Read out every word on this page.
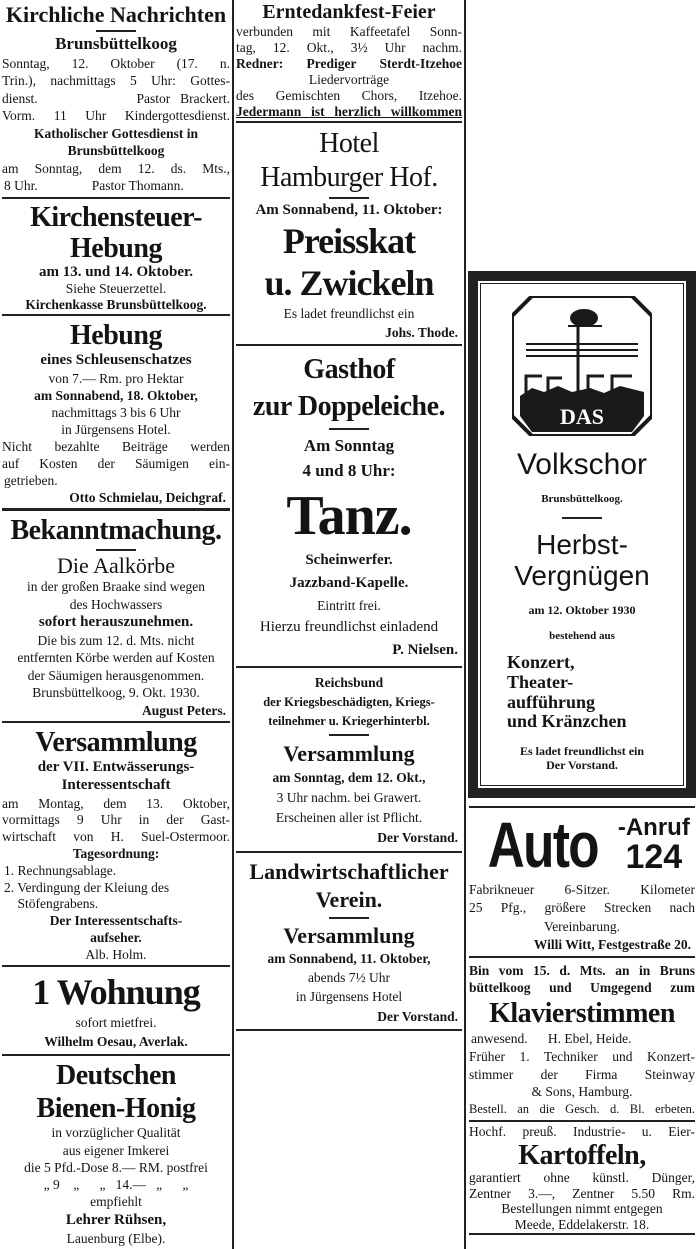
Kirchliche Nachrichten
Brunsbüttelkoog
Sonntag, 12. Oktober (17. n.
Trin.), nachmittags 5 Uhr: Gottes-
dienst.          Pastor Brackert.
Vorm. 11 Uhr Kindergottesdienst.
Katholischer Gottesdienst in
Brunsbüttelkoog
am Sonntag, dem 12. ds. Mts.,
8 Uhr.                Pastor Thomann.
Kirchensteuer-
Hebung
am 13. und 14. Oktober.
Siehe Steuerzettel.
Kirchenkasse Brunsbüttelkoog.
Hebung
eines Schleusenschatzes
von 7.— Rm. pro Hektar
am Sonnabend, 18. Oktober,
nachmittags 3 bis 6 Uhr
in Jürgensens Hotel.
Nicht bezahlte Beiträge werden
auf Kosten der Säumigen ein-
getrieben.
Otto Schmielau, Deichgraf.
Bekanntmachung.
Die Aalkörbe
in der großen Braake sind wegen
des Hochwassers
sofort herauszunehmen.
Die bis zum 12. d. Mts. nicht
entfernten Körbe werden auf Kosten
der Säumigen herausgenommen.
Brunsbüttelkoog, 9. Okt. 1930.
August Peters.
Versammlung
der VII. Entwässerungs-
Interessentschaft
am Montag, dem 13. Oktober,
vormittags 9 Uhr in der Gast-
wirtschaft von H. Suel-Ostermoor.
Tagesordnung:
1. Rechnungsablage.
2. Verdingung der Kleiung des
Stöfengrabens.
Der Interessentschafts-
aufseher.
Alb. Holm.
1 Wohnung
sofort mietfrei.
Wilhelm Oesau, Averlak.
Deutschen
Bienen-Honig
in vorzüglicher Qualität
aus eigener Imkerei
die 5 Pfd.-Dose 8.— RM. postfrei
„ 9    „      „   14.—   „      „
empfiehlt
Lehrer Rühsen,
Lauenburg (Elbe).
Erntedankfest-Feier
verbunden mit Kaffeetafel Sonn-
tag, 12. Okt., 3½ Uhr nachm.
Redner: Prediger Sterdt-Itzehoe
Liedervorträge
des Gemischten Chors, Itzehoe.
Jedermann ist herzlich willkommen
Hotel
Hamburger Hof.
Am Sonnabend, 11. Oktober:
Preisskat
u. Zwickeln
Es ladet freundlichst ein
Johs. Thode.
Gasthof
zur Doppeleiche.
Am Sonntag
4 und 8 Uhr:
Tanz.
Scheinwerfer.
Jazzband-Kapelle.
Eintritt frei.
Hierzu freundlichst einladend
P. Nielsen.
Reichsbund
der Kriegsbeschädigten, Kriegs-
teilnehmer u. Kriegerhinterbl.
Versammlung
am Sonntag, dem 12. Okt.,
3 Uhr nachm. bei Grawert.
Erscheinen aller ist Pflicht.
Der Vorstand.
Landwirtschaftlicher
Verein.
Versammlung
am Sonnabend, 11. Oktober,
abends 7½ Uhr
in Jürgensens Hotel
Der Vorstand.
DAS
Volkschor
Brunsbüttelkoog.
Herbst-
Vergnügen
am 12. Oktober 1930
bestehend aus
Konzert,
Theater-
aufführung
und Kränzchen
Es ladet freundlichst ein
Der Vorstand.
Auto -Anruf
124
Fabrikneuer 6-Sitzer. Kilometer
25 Pfg., größere Strecken nach
Vereinbarung.
Willi Witt, Festgestraße 20.
Bin vom 15. d. Mts. an in Bruns
büttelkoog und Umgegend zum
Klavierstimmen
anwesend.      H. Ebel, Heide.
Früher 1. Techniker und Konzert-
stimmer der Firma Steinway
& Sons, Hamburg.
Bestell. an die Gesch. d. Bl. erbeten.
Hochf. preuß. Industrie- u. Eier-
Kartoffeln,
garantiert ohne künstl. Dünger,
Zentner 3.—, Zentner 5.50 Rm.
Bestellungen nimmt entgegen
Meede, Eddelakerstr. 18.
